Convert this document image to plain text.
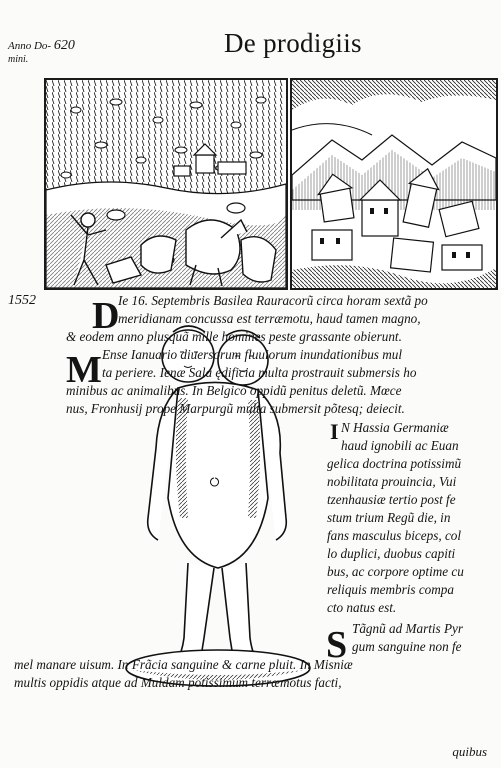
Anno Do- 620
mini.
De prodigiis
1552 D
Ie 16. Septembris Basilea Rauracorũ circa horam sextã po
meridianam concussa est terræmotu, haud tamen magno,
& eodem anno plusquã mille homines peste grassante obierunt.
M Ense Ianuario diuersorum fluuiorum inundationibus mul
ta periere. Ienæ Sala ędificia multa prostrauit submersis ho
minibus ac animalibus. In Belgico oppidũ penitus deletũ. Mœce
nus, Fronhusij prope Marpurgũ multa submersit põtesq; deiecit.
I N Hassia Germaniæ
haud ignobili ac Euan
gelica doctrina potissimũ
nobilitata prouincia, Vui
tzenhausiæ tertio post fe
stum trium Regũ die, in
fans masculus biceps, col
lo duplici, duobus capiti
bus, ac corpore optime cu
reliquis membris compa
cto natus est.
S Tãgnũ ad Martis Pyr
gum sanguine non fe
mel manare uisum. In Frãcia sanguine & carne pluit. In Misniæ
multis oppidis atque ad Muldam potissimum terræmotus facti,
quibus
